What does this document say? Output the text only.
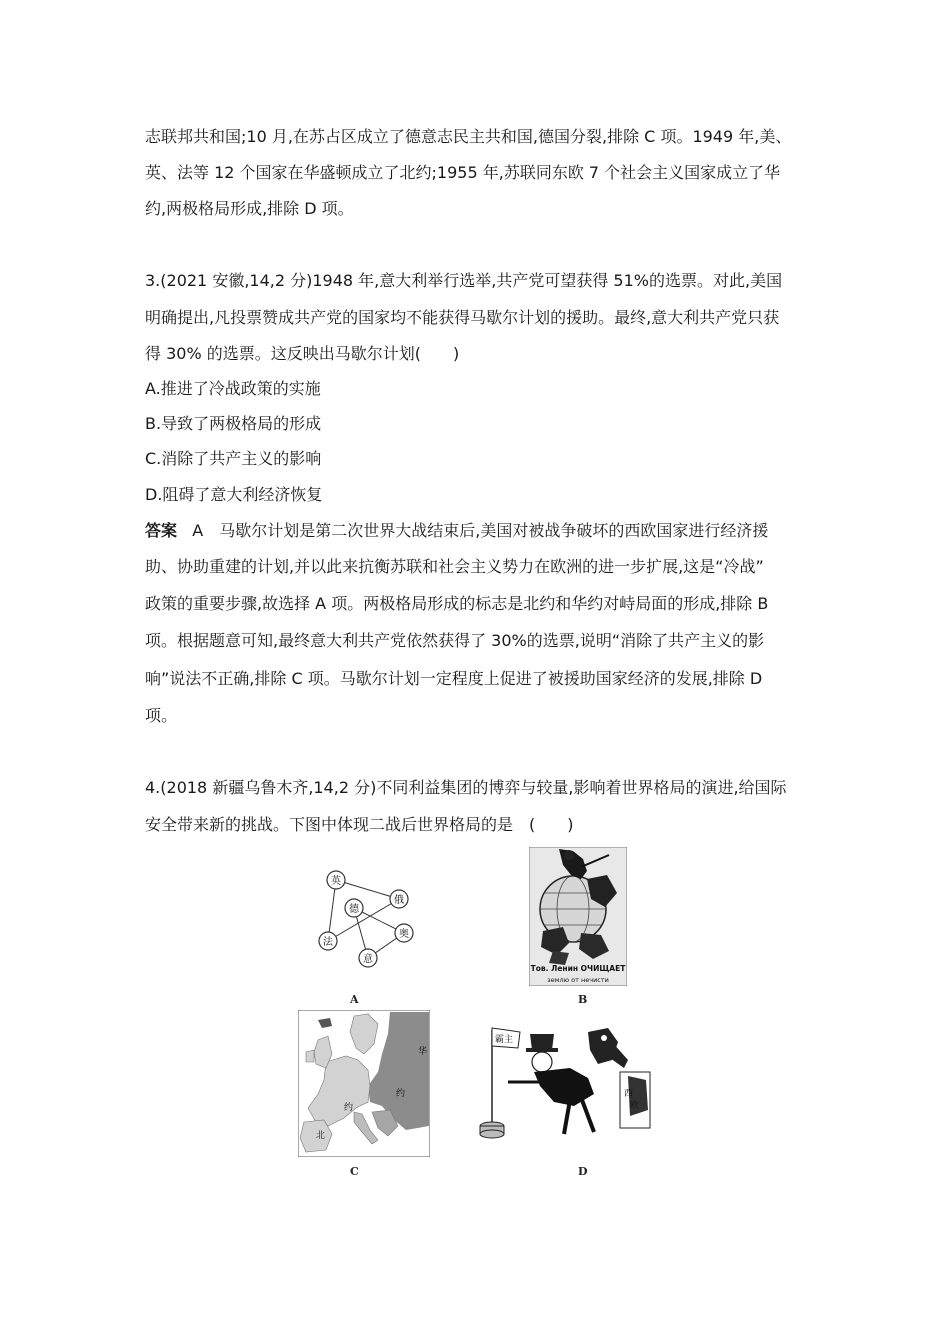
志联邦共和国;10 月,在苏占区成立了德意志民主共和国,德国分裂,排除 C 项。1949 年,美、
英、法等 12 个国家在华盛顿成立了北约;1955 年,苏联同东欧 7 个社会主义国家成立了华
约,两极格局形成,排除 D 项。
3.(2021 安徽,14,2 分)1948 年,意大利举行选举,共产党可望获得 51%的选票。对此,美国
明确提出,凡投票赞成共产党的国家均不能获得马歇尔计划的援助。最终,意大利共产党只获
得 30% 的选票。这反映出马歇尔计划(　　)
A.推进了冷战政策的实施
B.导致了两极格局的形成
C.消除了共产主义的影响
D.阻碍了意大利经济恢复
答案 A　马歇尔计划是第二次世界大战结束后,美国对被战争破坏的西欧国家进行经济援
助、协助重建的计划,并以此来抗衡苏联和社会主义势力在欧洲的进一步扩展,这是“冷战”
政策的重要步骤,故选择 A 项。两极格局形成的标志是北约和华约对峙局面的形成,排除 B
项。根据题意可知,最终意大利共产党依然获得了 30%的选票,说明“消除了共产主义的影
响”说法不正确,排除 C 项。马歇尔计划一定程度上促进了被援助国家经济的发展,排除 D
项。
4.(2018 新疆乌鲁木齐,14,2 分)不同利益集团的博弈与较量,影响着世界格局的演进,给国际
安全带来新的挑战。下图中体现二战后世界格局的是　(　　)
英
德
俄
法
奥
意
A
Тов. Ленин ОЧИЩАЕТ
землю от нечисти
B
华
约
约
北
C
霸主
西
欧
D
